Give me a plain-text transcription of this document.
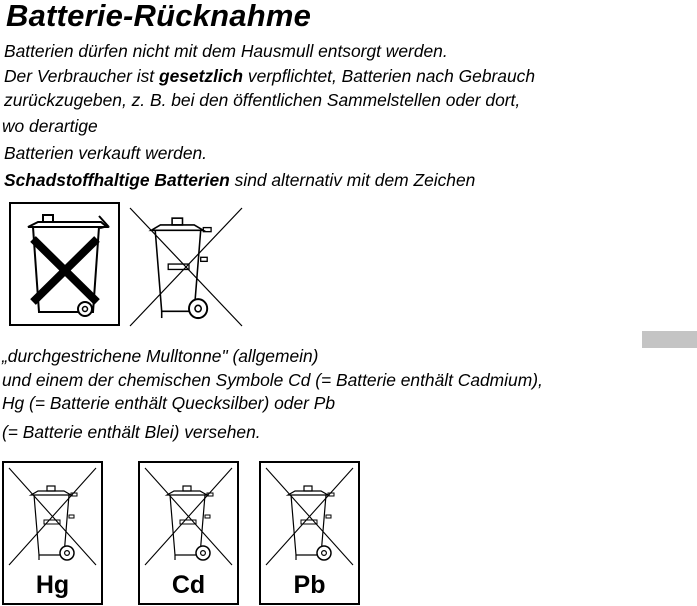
Batterie-Rücknahme

Batterien dürfen nicht mit dem Hausmull entsorgt werden.

Der Verbraucher ist gesetzlich verpflichtet, Batterien nach Gebrauch

zurückzugeben, z. B. bei den öffentlichen Sammelstellen oder dort,

wo derartige

Batterien verkauft werden.

Schadstoffhaltige Batterien sind alternativ mit dem Zeichen

„durchgestrichene Mulltonne" (allgemein)

und einem der chemischen Symbole Cd (= Batterie enthält Cadmium),

Hg (= Batterie enthält Quecksilber) oder Pb

(= Batterie enthält Blei) versehen.

Hg	Cd	Pb
